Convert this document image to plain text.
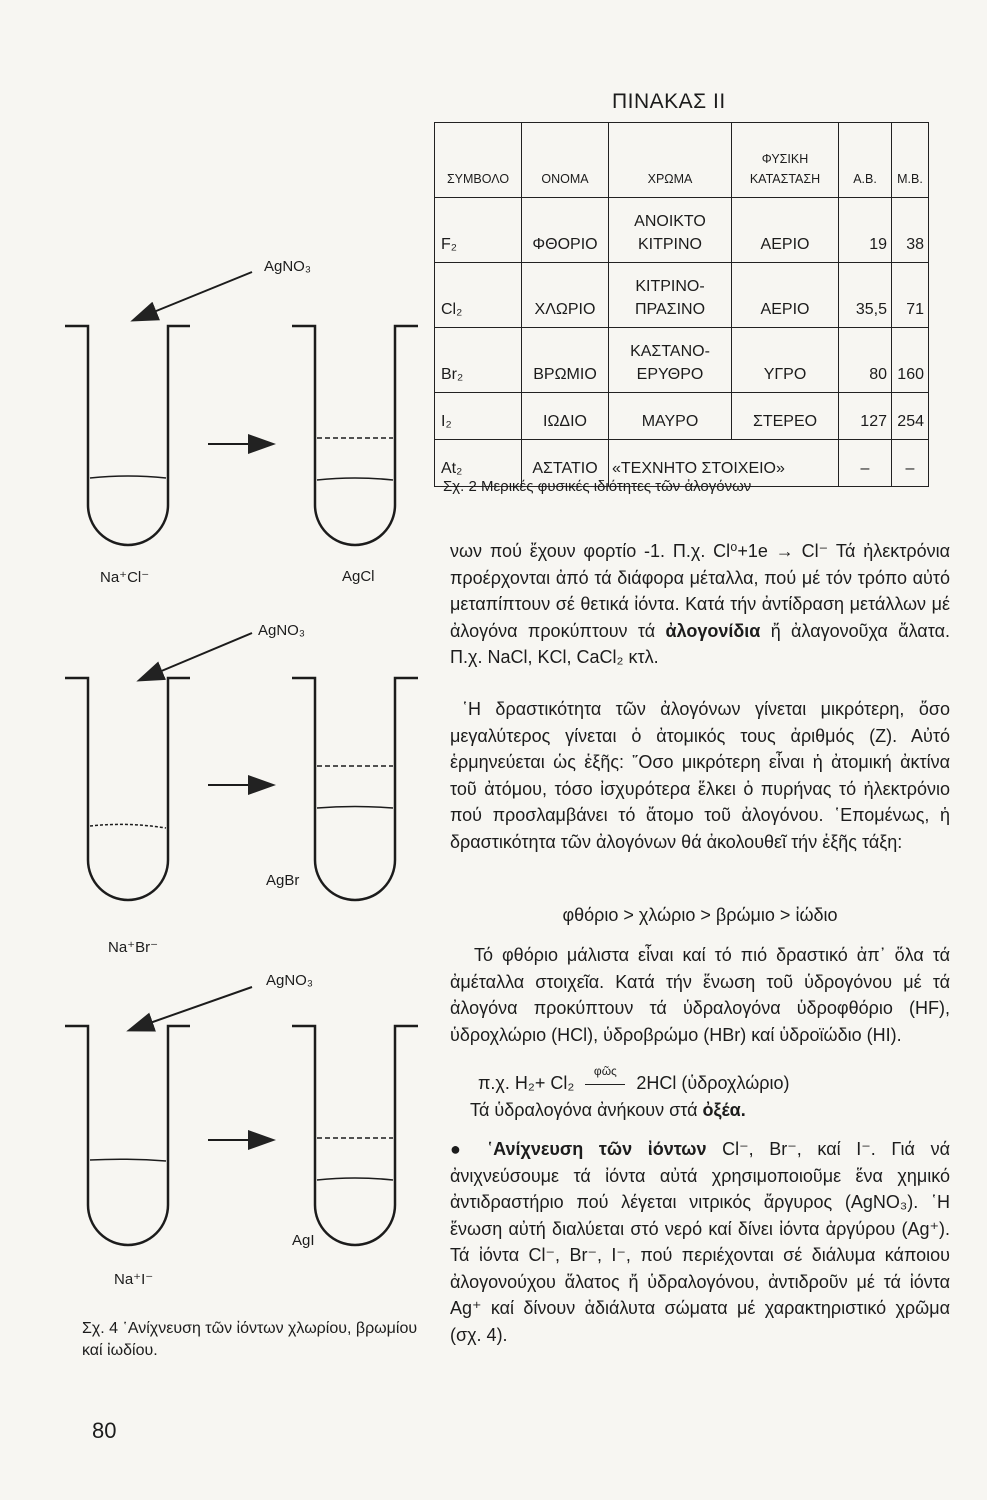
ΠΙΝΑΚΑΣ II
ΣΥΜΒΟΛΟ	ΟΝΟΜΑ	ΧΡΩΜΑ	ΦΥΣΙΚΗ ΚΑΤΑΣΤΑΣΗ	Α.Β.	Μ.Β.
F₂	ΦΘΟΡΙΟ	ΑΝΟΙΚΤΟ ΚΙΤΡΙΝΟ	ΑΕΡΙΟ	19	38
Cl₂	ΧΛΩΡΙΟ	ΚΙΤΡΙΝΟ-ΠΡΑΣΙΝΟ	ΑΕΡΙΟ	35,5	71
Br₂	ΒΡΩΜΙΟ	ΚΑΣΤΑΝΟ-ΕΡΥΘΡΟ	ΥΓΡΟ	80	160
I₂	ΙΩΔΙΟ	ΜΑΥΡΟ	ΣΤΕΡΕΟ	127	254
At₂	ΑΣΤΑΤΙΟ	«ΤΕΧΝΗΤΟ ΣΤΟΙΧΕΙΟ»		–	–
Σχ. 2 Μερικές φυσικές ιδιότητες τῶν ἀλογόνων
νων πού ἔχουν φορτίο -1. Π.χ. Cl⁰+1e → Cl⁻ Τά ἠλεκτρόνια προέρχονται ἀπό τά διάφορα μέταλλα, πού μέ τόν τρόπο αὐτό μεταπίπτουν σέ θετικά ἰόντα. Κατά τήν ἀντίδραση μετάλλων μέ ἀλογόνα προκύπτουν τά ἀλογονίδια ἤ ἀλαγονοῦχα ἄλατα. Π.χ. NaCl, KCl, CaCl₂ κτλ.
῾Η δραστικότητα τῶν ἀλογόνων γίνεται μικρότερη, ὅσο μεγαλύτερος γίνεται ὁ ἀτομικός τους ἀριθμός (Z). Αὐτό ἑρμηνεύεται ὡς ἑξῆς: ῞Οσο μικρότερη εἶναι ἡ ἀτομική ἀκτίνα τοῦ ἀτόμου, τόσο ἰσχυρότερα ἕλκει ὁ πυρήνας τό ἠλεκτρόνιο πού προσλαμβάνει τό ἄτομο τοῦ ἀλογόνου. ῾Επομένως, ἡ δραστικότητα τῶν ἀλογόνων θά ἀκολουθεῖ τήν ἑξῆς τάξη:
φθόριο > χλώριο > βρώμιο > ἰώδιο
Τό φθόριο μάλιστα εἶναι καί τό πιό δραστικό ἀπ᾿ ὅλα τά ἀμέταλλα στοιχεῖα. Κατά τήν ἕνωση τοῦ ὑδρογόνου μέ τά ἀλογόνα προκύπτουν τά ὑδραλογόνα ὑδροφθόριο (HF), ὑδροχλώριο (HCl), ὑδροβρώμο (HBr) καί ὑδροϊώδιο (HI).
π.χ. H₂+ Cl₂
φῶς
2HCl (ὑδροχλώριο)
Τά ὑδραλογόνα ἀνήκουν στά ὀξέα.
● ῾Ανίχνευση τῶν ἰόντων Cl⁻, Br⁻, καί I⁻. Γιά νά ἀνιχνεύσουμε τά ἰόντα αὐτά χρησιμοποιοῦμε ἕνα χημικό ἀντιδραστήριο πού λέγεται νιτρικός ἄργυρος (AgNO₃). ῾Η ἕνωση αὐτή διαλύεται στό νερό καί δίνει ἰόντα ἀργύρου (Ag⁺). Τά ἰόντα Cl⁻, Br⁻, I⁻, πού περιέχονται σέ διάλυμα κάποιου ἀλογονούχου ἅλατος ἤ ὑδραλογόνου, ἀντιδροῦν μέ τά ἰόντα Ag⁺ καί δίνουν ἀδιάλυτα σώματα μέ χαρακτηριστικό χρῶμα (σχ. 4).
AgNO₃
Na⁺Cl⁻	AgCl
AgNO₃
Na⁺Br⁻
AgBr
AgNO₃
Na⁺I⁻
AgI
Σχ. 4 ῾Ανίχνευση τῶν ἰόντων χλωρίου, βρωμίου καί ἰωδίου.
80
